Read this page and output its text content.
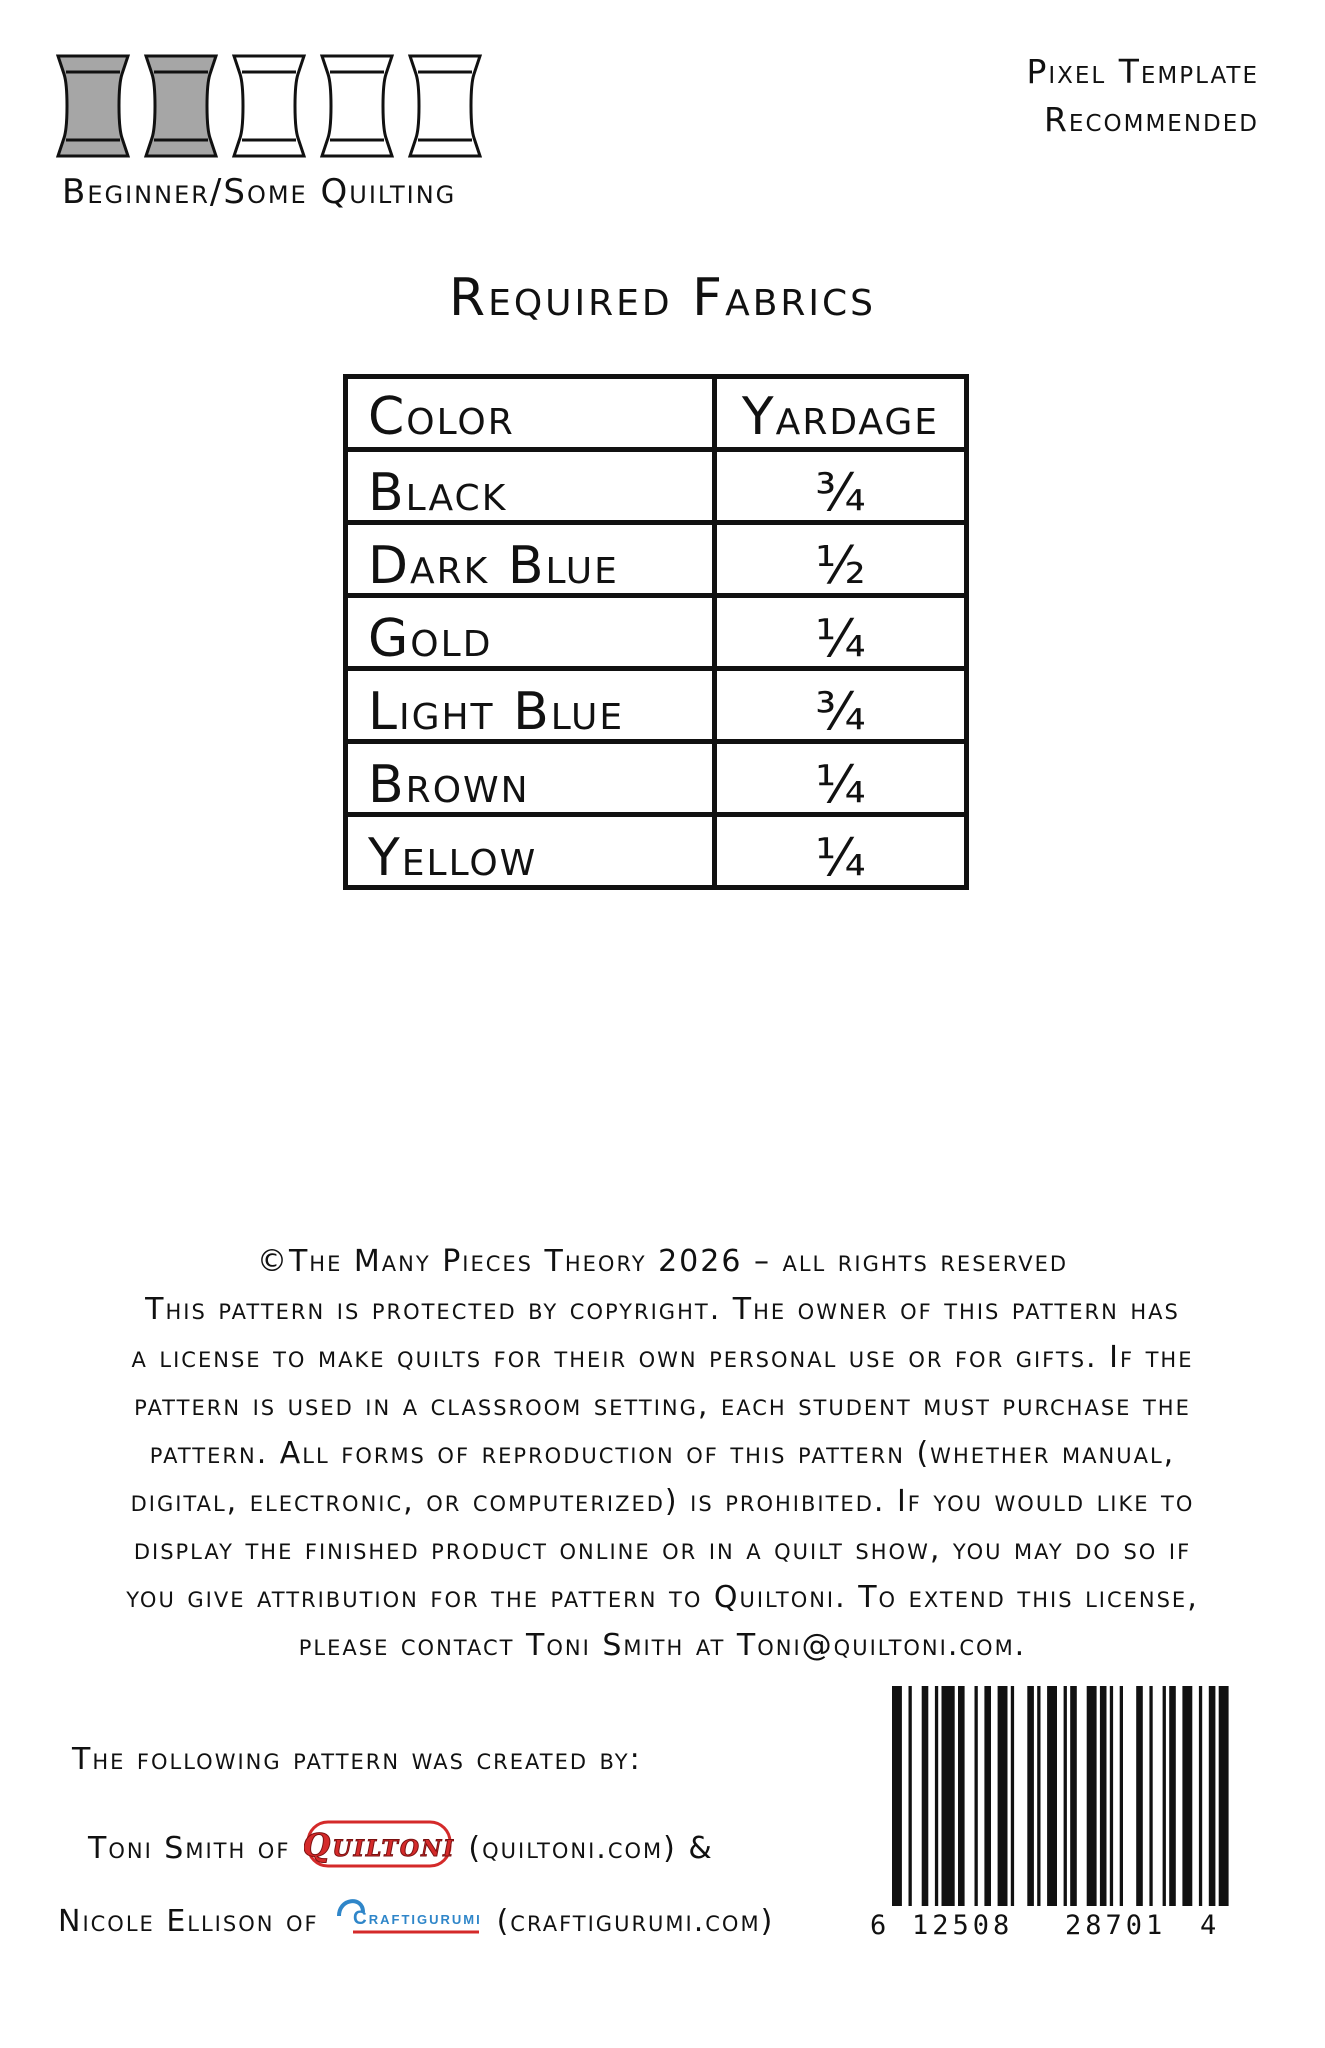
Beginner/Some Quilting
Pixel Template
Recommended
Required Fabrics
Color	Yardage
Black	¾
Dark Blue	½
Gold	¼
Light Blue	¾
Brown	¼
Yellow	¼
©The Many Pieces Theory 2026 – all rights reserved
This pattern is protected by copyright. The owner of this pattern has
a license to make quilts for their own personal use or for gifts. If the
pattern is used in a classroom setting, each student must purchase the
pattern. All forms of reproduction of this pattern (whether manual,
digital, electronic, or computerized) is prohibited. If you would like to
display the finished product online or in a quilt show, you may do so if
you give attribution for the pattern to Quiltoni. To extend this license,
please contact Toni Smith at Toni@quiltoni.com.
The following pattern was created by:
Toni Smith of Quiltoni (quiltoni.com) &
Nicole Ellison of Craftigurumi (craftigurumi.com)	6 12508 28701 4
